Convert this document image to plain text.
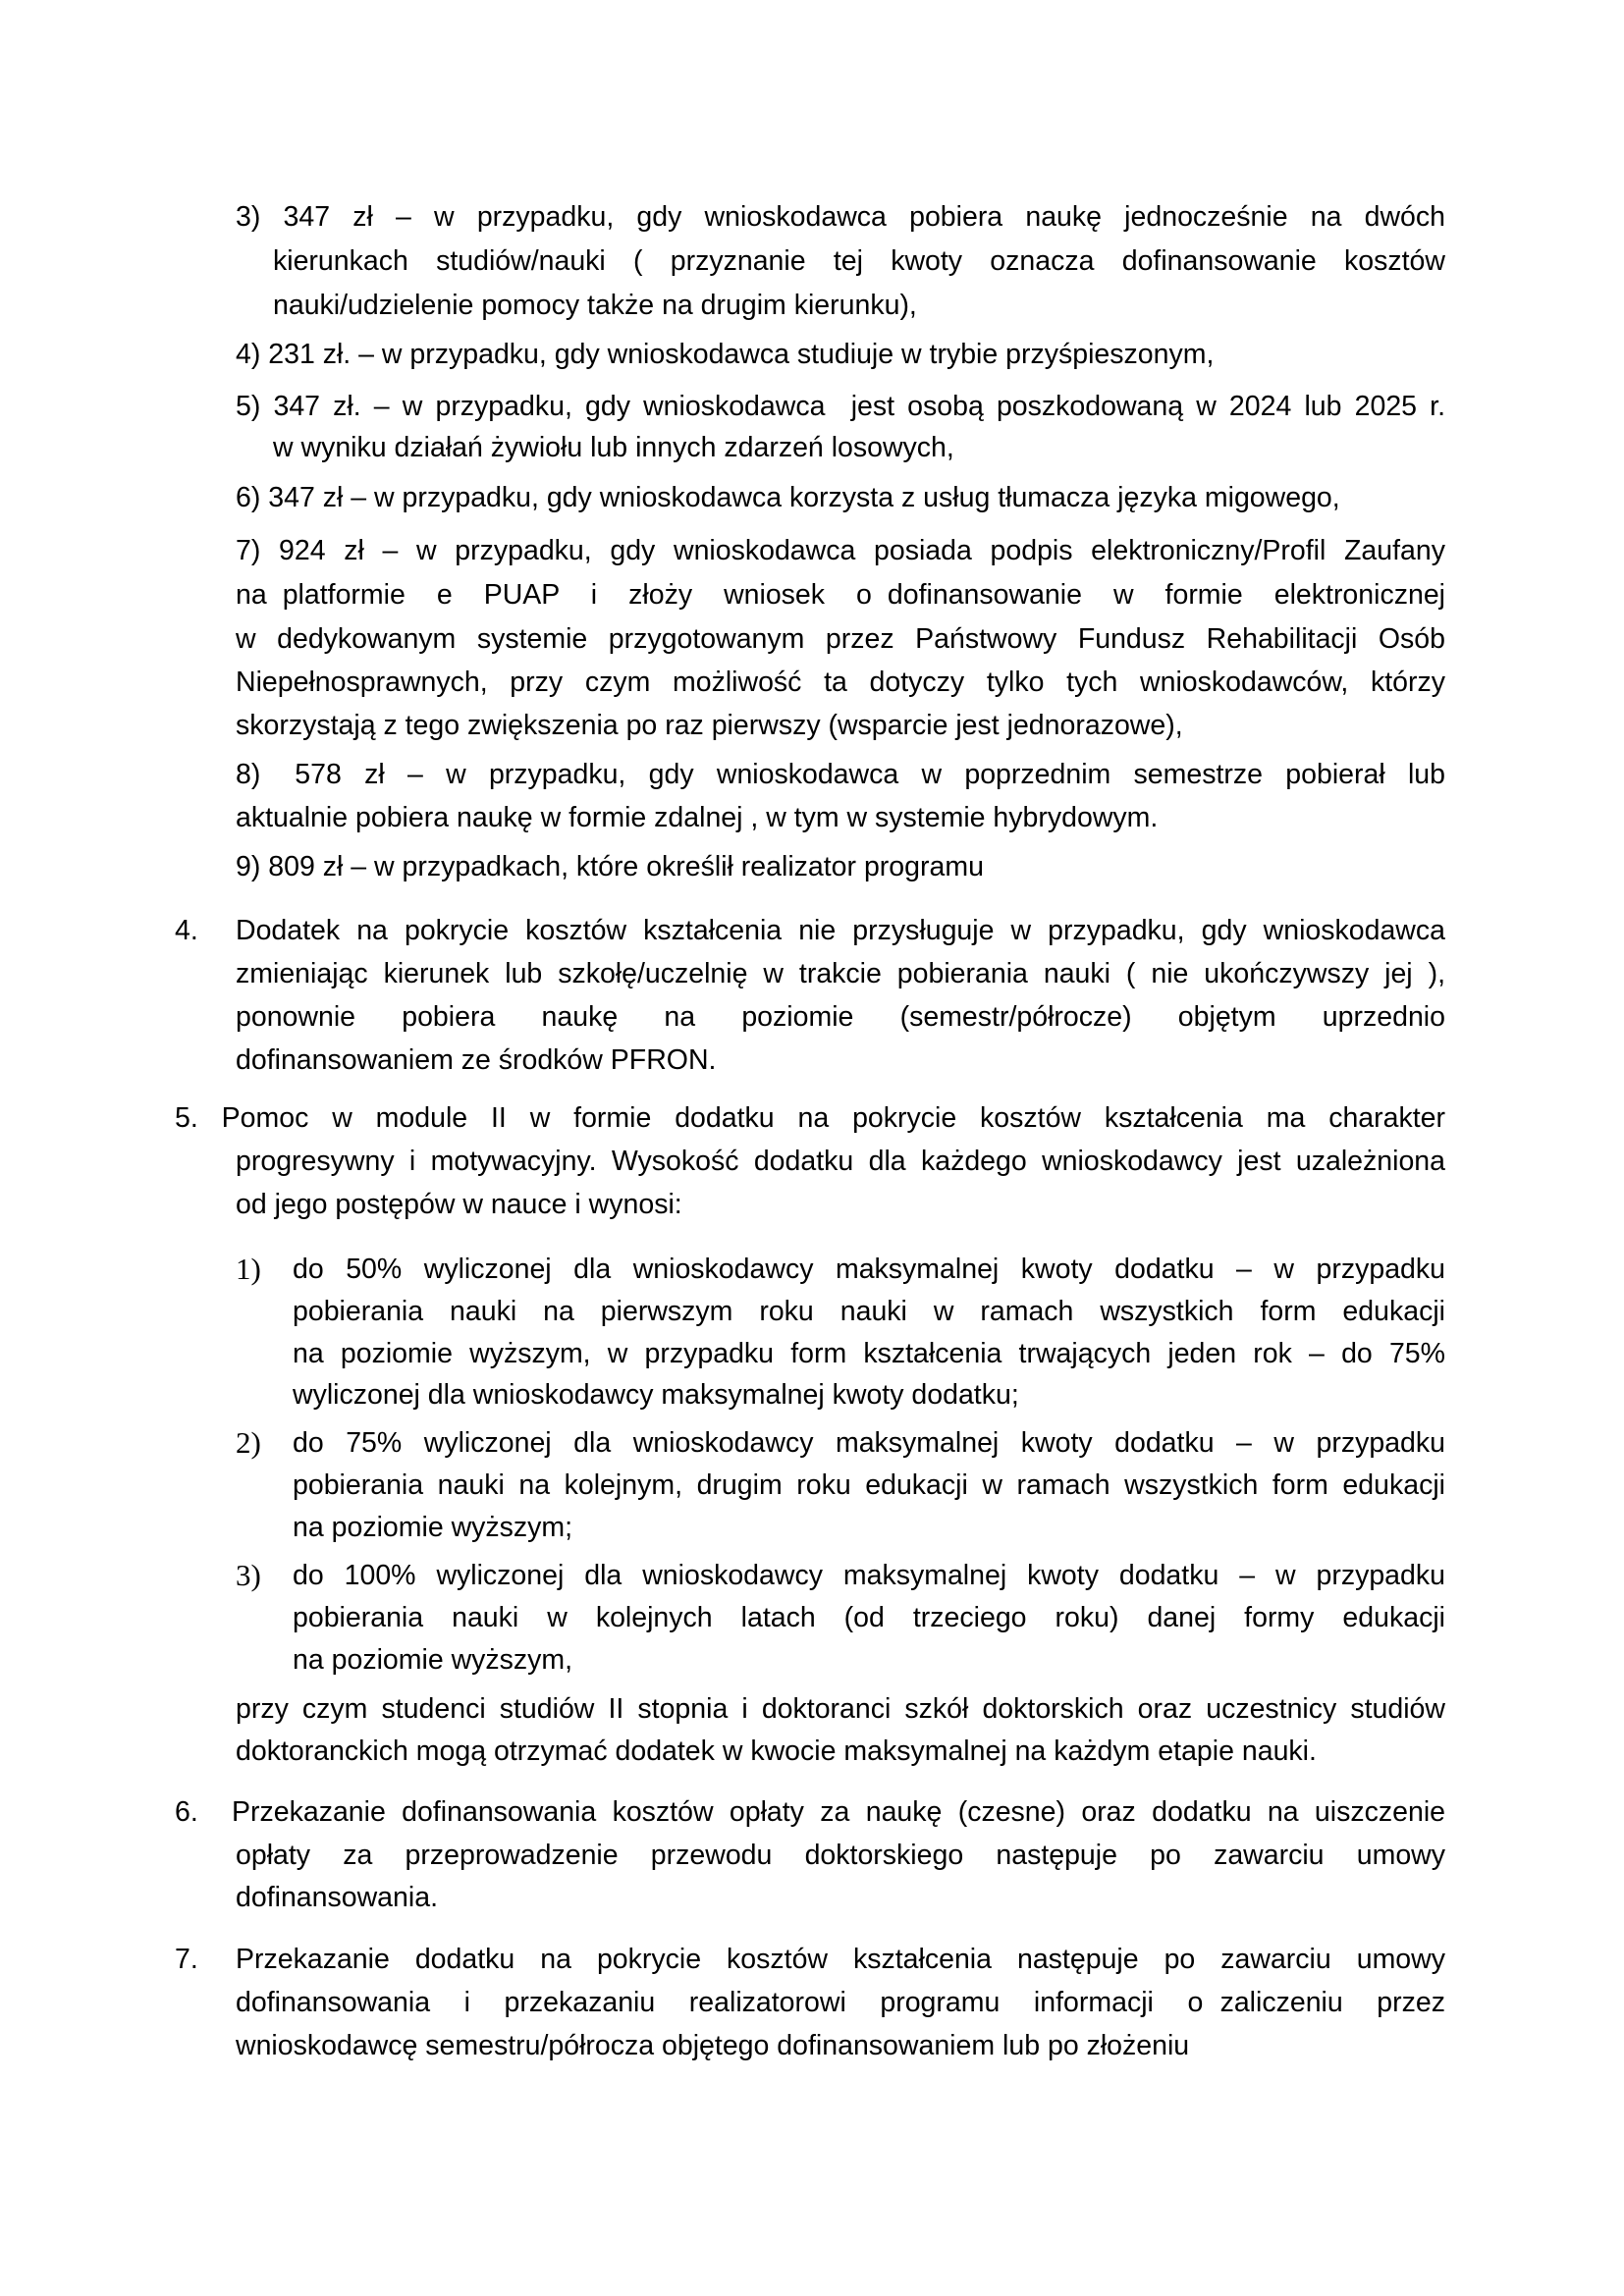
3)  347  zł  –  w  przypadku,  gdy  wnioskodawca  pobiera  naukę  jednocześnie  na  dwóch
kierunkach  studiów/nauki  (  przyznanie  tej  kwoty  oznacza  dofinansowanie  kosztów
nauki/udzielenie pomocy także na drugim kierunku),
4) 231 zł. – w przypadku, gdy wnioskodawca studiuje w trybie przyśpieszonym,
5) 347 zł. – w przypadku, gdy wnioskodawca  jest osobą poszkodowaną w 2024 lub 2025 r.
w wyniku działań żywiołu lub innych zdarzeń losowych,
6) 347 zł – w przypadku, gdy wnioskodawca korzysta z usług tłumacza języka migowego,
7) 924 zł – w przypadku, gdy wnioskodawca posiada podpis elektroniczny/Profil Zaufany
na platformie  e  PUAP  i  złoży  wniosek  o dofinansowanie  w  formie  elektronicznej
w dedykowanym systemie przygotowanym przez Państwowy Fundusz Rehabilitacji Osób
Niepełnosprawnych, przy czym możliwość ta dotyczy tylko tych wnioskodawców, którzy
skorzystają z tego zwiększenia po raz pierwszy (wsparcie jest jednorazowe),
8)   578  zł  –  w  przypadku,  gdy  wnioskodawca  w  poprzednim  semestrze  pobierał  lub
aktualnie pobiera naukę w formie zdalnej , w tym w systemie hybrydowym.
9) 809 zł – w przypadkach, które określił realizator programu
4. Dodatek na pokrycie kosztów kształcenia nie przysługuje w przypadku, gdy wnioskodawca
zmieniając kierunek lub szkołę/uczelnię w trakcie pobierania nauki ( nie ukończywszy jej ),
ponownie   pobiera   naukę   na   poziomie   (semestr/półrocze)   objętym   uprzednio
dofinansowaniem ze środków PFRON.
5.  Pomoc  w  module  II  w  formie  dodatku  na  pokrycie  kosztów  kształcenia  ma  charakter
progresywny i motywacyjny. Wysokość dodatku dla każdego wnioskodawcy jest uzależniona
od jego postępów w nauce i wynosi:
1) do 50% wyliczonej dla wnioskodawcy maksymalnej kwoty dodatku – w przypadku
pobierania  nauki  na  pierwszym  roku  nauki  w  ramach  wszystkich  form  edukacji
na poziomie wyższym, w przypadku form kształcenia trwających jeden rok – do 75%
wyliczonej dla wnioskodawcy maksymalnej kwoty dodatku;
2) do 75% wyliczonej dla wnioskodawcy maksymalnej kwoty dodatku – w przypadku
pobierania nauki na kolejnym, drugim roku edukacji w ramach wszystkich form edukacji
na poziomie wyższym;
3) do 100% wyliczonej dla wnioskodawcy maksymalnej kwoty dodatku – w przypadku
pobierania  nauki  w  kolejnych  latach  (od  trzeciego  roku)  danej  formy  edukacji
na poziomie wyższym,
przy czym studenci studiów II stopnia i doktoranci szkół doktorskich oraz uczestnicy studiów
doktoranckich mogą otrzymać dodatek w kwocie maksymalnej na każdym etapie nauki.
6. Przekazanie dofinansowania kosztów opłaty za naukę (czesne) oraz dodatku na uiszczenie
opłaty  za  przeprowadzenie  przewodu  doktorskiego  następuje  po  zawarciu  umowy
dofinansowania.
7. Przekazanie dodatku na pokrycie kosztów kształcenia następuje po zawarciu umowy
dofinansowania  i  przekazaniu  realizatorowi  programu  informacji  o zaliczeniu  przez
wnioskodawcę semestru/półrocza objętego dofinansowaniem lub po złożeniu
